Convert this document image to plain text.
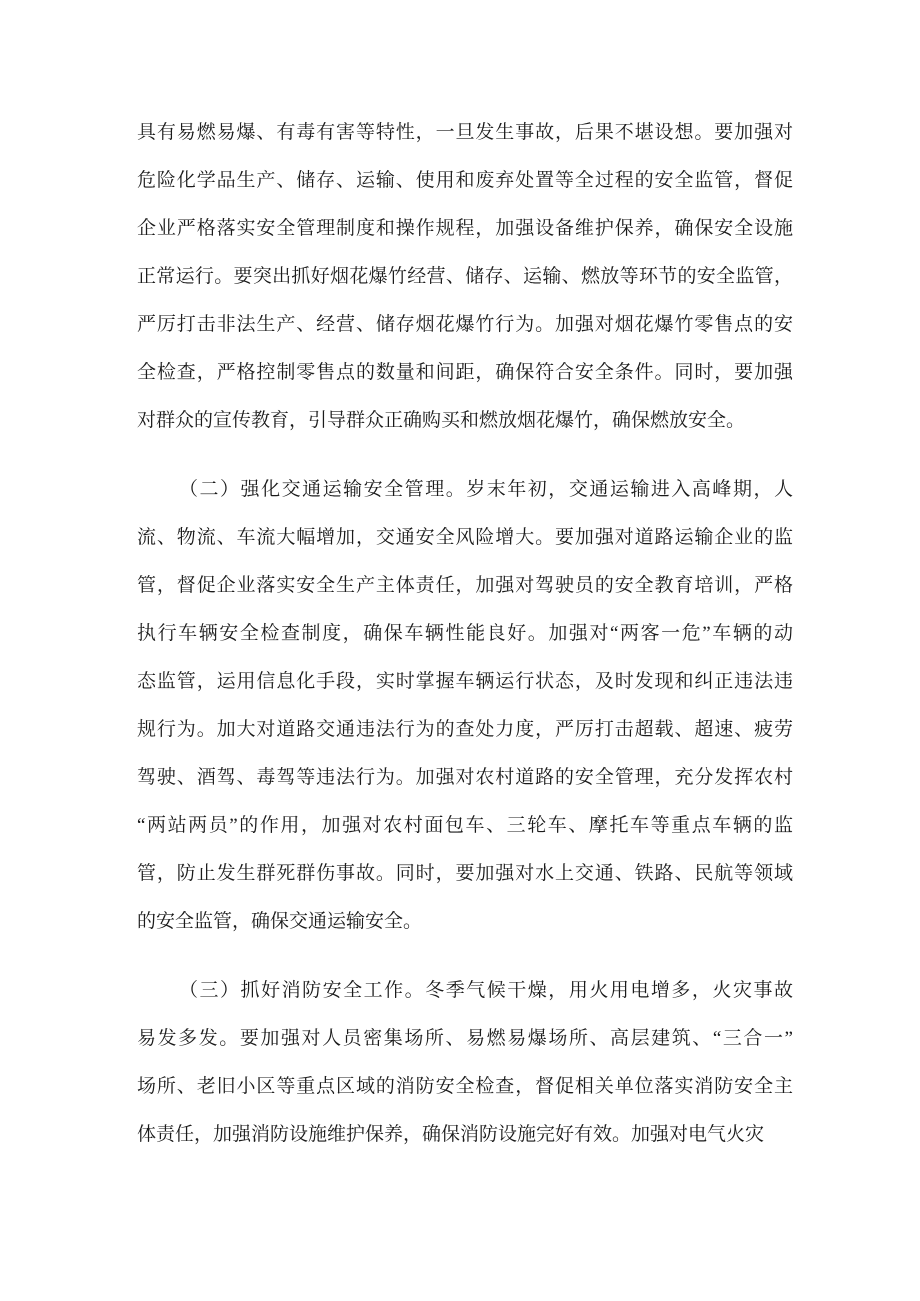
具有易燃易爆、有毒有害等特性，一旦发生事故，后果不堪设想。要加强对
危险化学品生产、储存、运输、使用和废弃处置等全过程的安全监管，督促
企业严格落实安全管理制度和操作规程，加强设备维护保养，确保安全设施
正常运行。要突出抓好烟花爆竹经营、储存、运输、燃放等环节的安全监管，
严厉打击非法生产、经营、储存烟花爆竹行为。加强对烟花爆竹零售点的安
全检查，严格控制零售点的数量和间距，确保符合安全条件。同时，要加强
对群众的宣传教育，引导群众正确购买和燃放烟花爆竹，确保燃放安全。
（二）强化交通运输安全管理。岁末年初，交通运输进入高峰期，人
流、物流、车流大幅增加，交通安全风险增大。要加强对道路运输企业的监
管，督促企业落实安全生产主体责任，加强对驾驶员的安全教育培训，严格
执行车辆安全检查制度，确保车辆性能良好。加强对“两客一危”车辆的动
态监管，运用信息化手段，实时掌握车辆运行状态，及时发现和纠正违法违
规行为。加大对道路交通违法行为的查处力度，严厉打击超载、超速、疲劳
驾驶、酒驾、毒驾等违法行为。加强对农村道路的安全管理，充分发挥农村
“两站两员”的作用，加强对农村面包车、三轮车、摩托车等重点车辆的监
管，防止发生群死群伤事故。同时，要加强对水上交通、铁路、民航等领域
的安全监管，确保交通运输安全。
（三）抓好消防安全工作。冬季气候干燥，用火用电增多，火灾事故
易发多发。要加强对人员密集场所、易燃易爆场所、高层建筑、“三合一”
场所、老旧小区等重点区域的消防安全检查，督促相关单位落实消防安全主
体责任，加强消防设施维护保养，确保消防设施完好有效。加强对电气火灾
